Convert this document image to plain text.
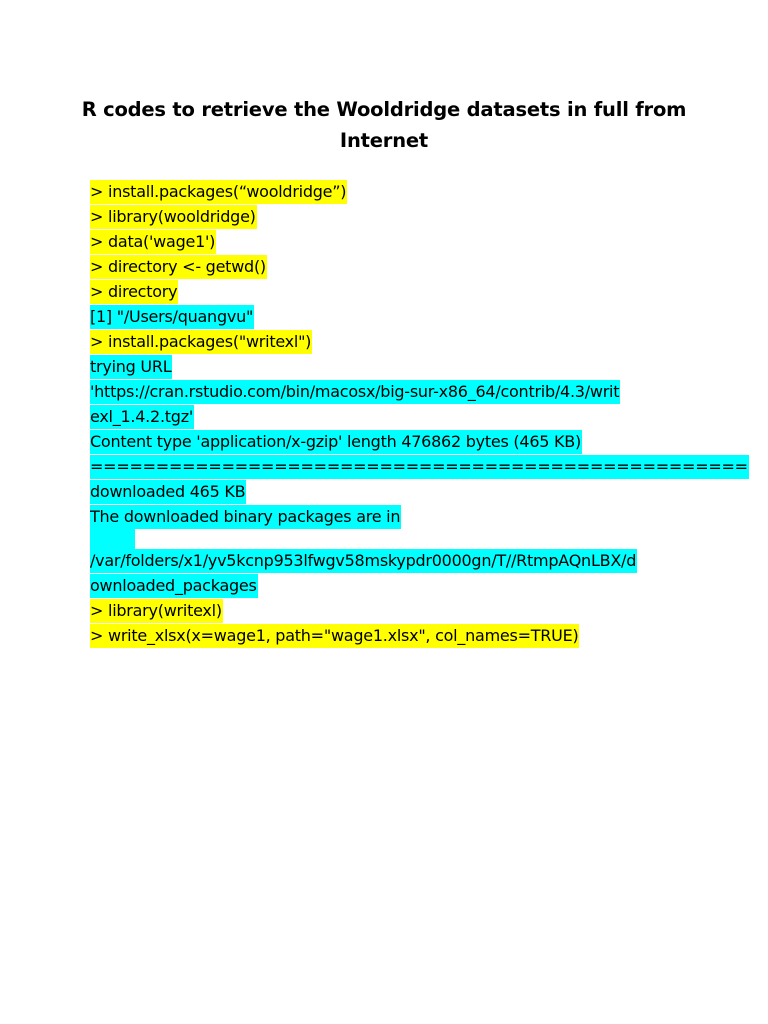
R codes to retrieve the Wooldridge datasets in full from Internet
> install.packages(“wooldridge”)
> library(wooldridge)
> data('wage1')
> directory <- getwd()
> directory
[1] "/Users/quangvu"
> install.packages("writexl")
trying URL
'https://cran.rstudio.com/bin/macosx/big-sur-x86_64/contrib/4.3/writ
exl_1.4.2.tgz'
Content type 'application/x-gzip' length 476862 bytes (465 KB)
==================================================
downloaded 465 KB
The downloaded binary packages are in

/var/folders/x1/yv5kcnp953lfwgv58mskypdr0000gn/T//RtmpAQnLBX/d
ownloaded_packages
> library(writexl)
> write_xlsx(x=wage1, path="wage1.xlsx", col_names=TRUE)
